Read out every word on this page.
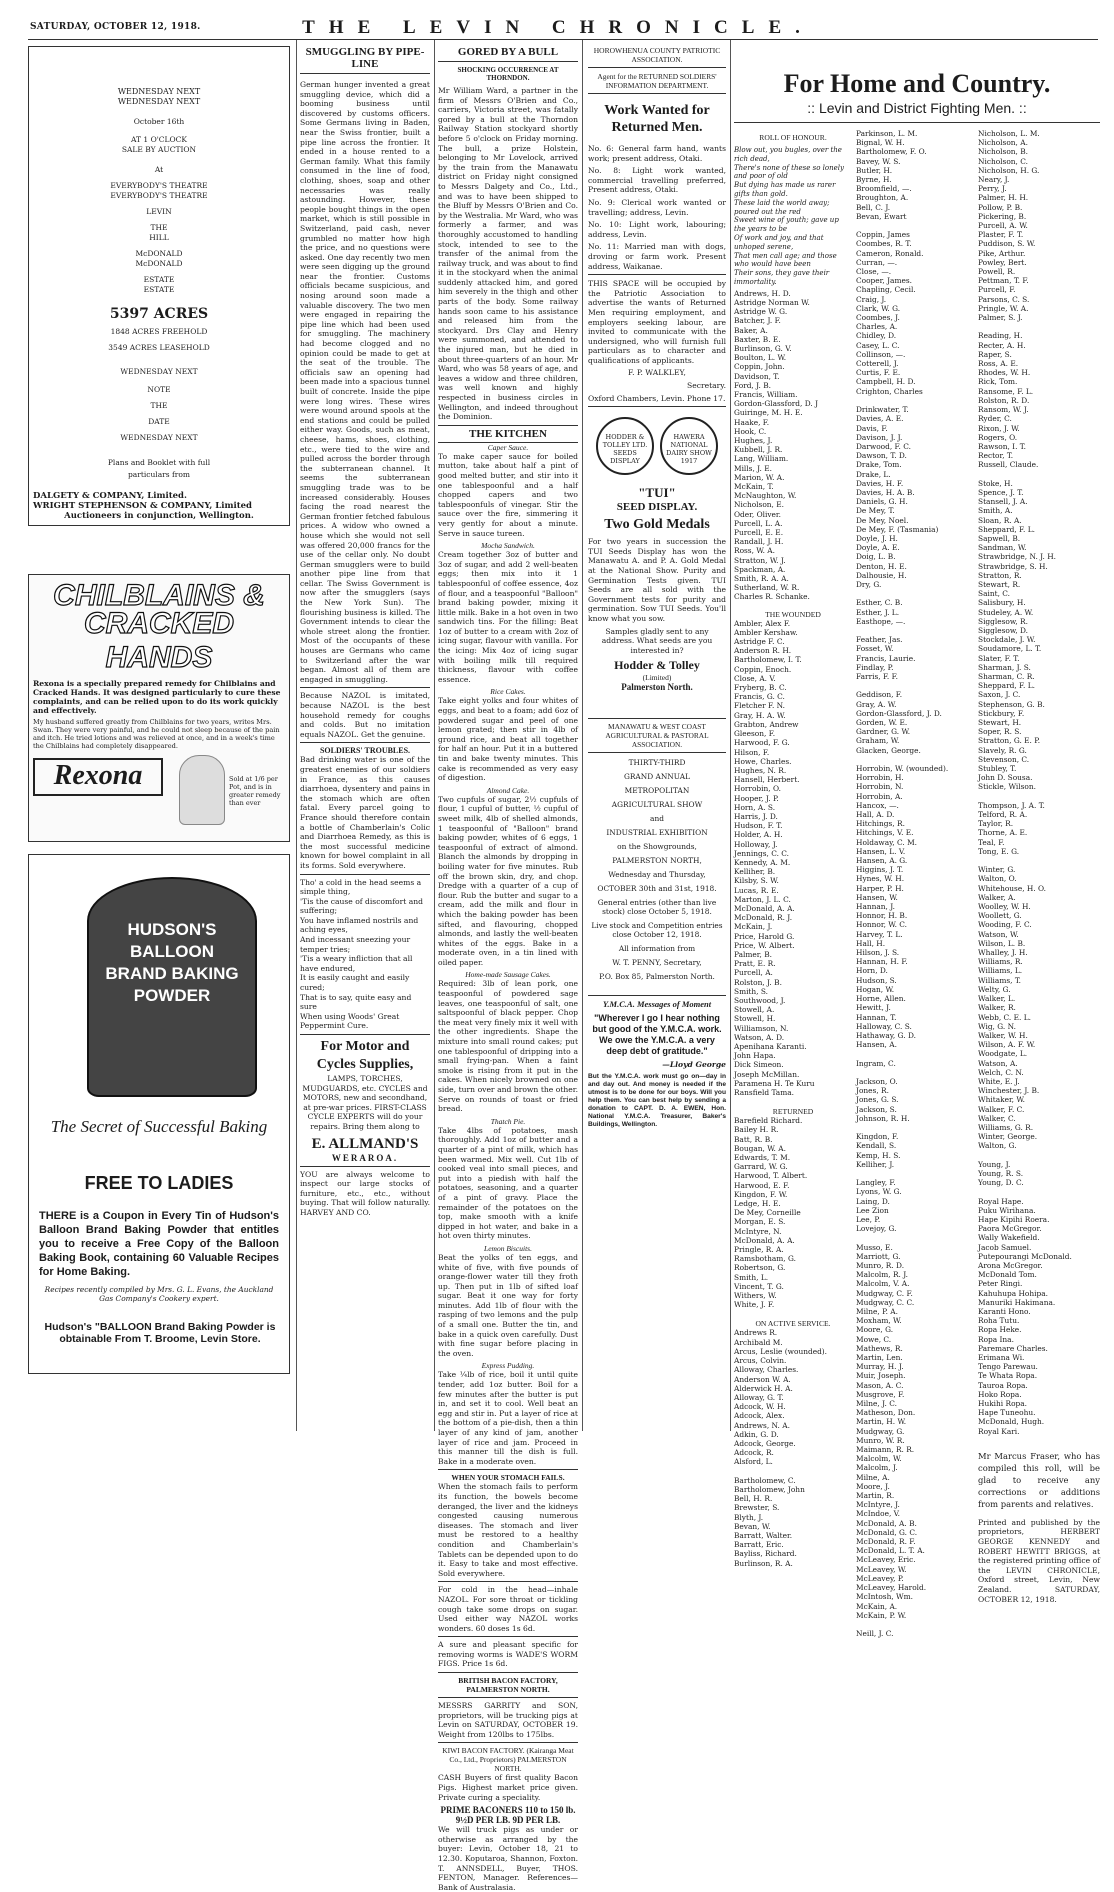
SATURDAY, OCTOBER 12, 1918.	THE LEVIN CHRONICLE.
WEDNESDAY NEXT
WEDNESDAY NEXT
October 16th
AT 1 O'CLOCK
SALE BY AUCTION
At
EVERYBODY'S THEATRE
EVERYBODY'S THEATRE
LEVIN
THE
HILL
McDONALD
McDONALD
ESTATE
ESTATE
5397 ACRES
1848 ACRES FREEHOLD
3549 ACRES LEASEHOLD
WEDNESDAY NEXT
NOTE
THE
DATE
WEDNESDAY NEXT
Plans and Booklet with full particulars from
DALGETY & COMPANY, Limited.
WRIGHT STEPHENSON & COMPANY, Limited
Auctioneers in conjunction, Wellington.
CHILBLAINS &
CRACKED HANDS
Rexona is a specially prepared remedy for Chilblains and Cracked Hands. It was designed particularly to cure these complaints, and can be relied upon to do its work quickly and effectively.
My husband suffered greatly from Chilblains for two years, writes Mrs. Swan. They were very painful, and he could not sleep because of the pain and itch. He tried lotions and was relieved at once, and in a week's time the Chilblains had completely disappeared.
Rexona	Sold at 1/6 per Pot, and is in greater remedy than ever
HUDSON'S BALLOON BRAND BAKING POWDER
The Secret of Successful Baking
FREE TO LADIES
THERE is a Coupon in Every Tin of Hudson's Balloon Brand Baking Powder that entitles you to receive a Free Copy of the Balloon Baking Book, containing 60 Valuable Recipes for Home Baking.
Recipes recently compiled by Mrs. G. L. Evans, the Auckland Gas Company's Cookery expert.
Hudson's "BALLOON Brand Baking Powder is obtainable From T. Broome, Levin Store.
SMUGGLING BY PIPE-LINE
German hunger invented a great smuggling device, which did a booming business until discovered by customs officers. Some Germans living in Baden, near the Swiss frontier, built a pipe line across the frontier. It ended in a house rented to a German family. What this family consumed in the line of food, clothing, shoes, soap and other necessaries was really astounding. However, these people bought things in the open market, which is still possible in Switzerland, paid cash, never grumbled no matter how high the price, and no questions were asked. One day recently two men were seen digging up the ground near the frontier. Customs officials became suspicious, and nosing around soon made a valuable discovery. The two men were engaged in repairing the pipe line which had been used for smuggling. The machinery had become clogged and no opinion could be made to get at the seat of the trouble. The officials saw an opening had been made into a spacious tunnel built of concrete. Inside the pipe were long wires. These wires were wound around spools at the end stations and could be pulled either way. Goods, such as meat, cheese, hams, shoes, clothing, etc., were tied to the wire and pulled across the border through the subterranean channel. It seems the subterranean smuggling trade was to be increased considerably. Houses facing the road nearest the German frontier fetched fabulous prices. A widow who owned a house which she would not sell was offered 20,000 francs for the use of the cellar only. No doubt German smugglers were to build another pipe line from that cellar. The Swiss Government is now after the smugglers (says the New York Sun). The flourishing business is killed. The Government intends to clear the whole street along the frontier. Most of the occupants of these houses are Germans who came to Switzerland after the war began. Almost all of them are engaged in smuggling.
Because NAZOL is imitated, because NAZOL is the best household remedy for coughs and colds. But no imitation equals NAZOL. Get the genuine.
SOLDIERS' TROUBLES.
Bad drinking water is one of the greatest enemies of our soldiers in France, as this causes diarrhoea, dysentery and pains in the stomach which are often fatal. Every parcel going to France should therefore contain a bottle of Chamberlain's Colic and Diarrhoea Remedy, as this is the most successful medicine known for bowel complaint in all its forms. Sold everywhere.
Tho' a cold in the head seems a simple thing,
'Tis the cause of discomfort and suffering;
You have inflamed nostrils and aching eyes,
And incessant sneezing your temper tries;
'Tis a weary infliction that all have endured,
It is easily caught and easily cured;
That is to say, quite easy and sure
When using Woods' Great Peppermint Cure.
For Motor and Cycles Supplies,
LAMPS, TORCHES, MUDGUARDS, etc. CYCLES and MOTORS, new and secondhand, at pre-war prices. FIRST-CLASS CYCLE EXPERTS will do your repairs. Bring them along to
E. ALLMAND'S
WERAROA.
YOU are always welcome to inspect our large stocks of furniture, etc., etc., without buying. That will follow naturally. HARVEY AND CO.
GORED BY A BULL
SHOCKING OCCURRENCE AT THORNDON.
Mr William Ward, a partner in the firm of Messrs O'Brien and Co., carriers, Victoria street, was fatally gored by a bull at the Thorndon Railway Station stockyard shortly before 5 o'clock on Friday morning. The bull, a prize Holstein, belonging to Mr Lovelock, arrived by the train from the Manawatu district on Friday night consigned to Messrs Dalgety and Co., Ltd., and was to have been shipped to the Bluff by Messrs O'Brien and Co. by the Westralia. Mr Ward, who was formerly a farmer, and was thoroughly accustomed to handling stock, intended to see to the transfer of the animal from the railway truck, and was about to find it in the stockyard when the animal suddenly attacked him, and gored him severely in the thigh and other parts of the body. Some railway hands soon came to his assistance and released him from the stockyard. Drs Clay and Henry were summoned, and attended to the injured man, but he died in about three-quarters of an hour. Mr Ward, who was 58 years of age, and leaves a widow and three children, was well known and highly respected in business circles in Wellington, and indeed throughout the Dominion.
THE KITCHEN
Caper Sauce.
To make caper sauce for boiled mutton, take about half a pint of good melted butter, and stir into it one tablespoonful and a half chopped capers and two tablespoonfuls of vinegar. Stir the sauce over the fire, simmering it very gently for about a minute. Serve in sauce tureen.
Mocha Sandwich.
Cream together 3oz of butter and 3oz of sugar, and add 2 well-beaten eggs; then mix into it 1 tablespoonful of coffee essence, 4oz of flour, and a teaspoonful "Balloon" brand baking powder, mixing it little milk. Bake in a hot oven in two sandwich tins. For the filling: Beat 1oz of butter to a cream with 2oz of icing sugar, flavour with vanilla. For the icing: Mix 4oz of icing sugar with boiling milk till required thickness, flavour with coffee essence.
Rice Cakes.
Take eight yolks and four whites of eggs, and beat to a foam; add 6oz of powdered sugar and peel of one lemon grated; then stir in 4lb of ground rice, and beat all together for half an hour. Put it in a buttered tin and bake twenty minutes. This cake is recommended as very easy of digestion.
Almond Cake.
Two cupfuls of sugar, 2½ cupfuls of flour, 1 cupful of butter, ½ cupful of sweet milk, 4lb of shelled almonds, 1 teaspoonful of "Balloon" brand baking powder, whites of 6 eggs, 1 teaspoonful of extract of almond. Blanch the almonds by dropping in boiling water for five minutes. Rub off the brown skin, dry, and chop. Dredge with a quarter of a cup of flour. Rub the butter and sugar to a cream, add the milk and flour in which the baking powder has been sifted, and flavouring, chopped almonds, and lastly the well-beaten whites of the eggs. Bake in a moderate oven, in a tin lined with oiled paper.
Home-made Sausage Cakes.
Required: 3lb of lean pork, one teaspoonful of powdered sage leaves, one teaspoonful of salt, one saltspoonful of black pepper. Chop the meat very finely mix it well with the other ingredients. Shape the mixture into small round cakes; put one tablespoonful of dripping into a small frying-pan. When a faint smoke is rising from it put in the cakes. When nicely browned on one side, turn over and brown the other. Serve on rounds of toast or fried bread.
Thatch Pie.
Take 4lbs of potatoes, mash thoroughly. Add 1oz of butter and a quarter of a pint of milk, which has been warmed. Mix well. Cut 1lb of cooked veal into small pieces, and put into a piedish with half the potatoes, seasoning, and a quarter of a pint of gravy. Place the remainder of the potatoes on the top, make smooth with a knife dipped in hot water, and bake in a hot oven thirty minutes.
Lemon Biscuits.
Beat the yolks of ten eggs, and white of five, with five pounds of orange-flower water till they froth up. Then put in 1lb of sifted loaf sugar. Beat it one way for forty minutes. Add 1lb of flour with the rasping of two lemons and the pulp of a small one. Butter the tin, and bake in a quick oven carefully. Dust with fine sugar before placing in the oven.
Express Pudding.
Take ¼lb of rice, boil it until quite tender, add 1oz butter. Boil for a few minutes after the butter is put in, and set it to cool. Well beat an egg and stir in. Put a layer of rice at the bottom of a pie-dish, then a thin layer of any kind of jam, another layer of rice and jam. Proceed in this manner till the dish is full. Bake in a moderate oven.
WHEN YOUR STOMACH FAILS.
When the stomach fails to perform its function, the bowels become deranged, the liver and the kidneys congested causing numerous diseases. The stomach and liver must be restored to a healthy condition and Chamberlain's Tablets can be depended upon to do it. Easy to take and most effective. Sold everywhere.
For cold in the head—inhale NAZOL. For sore throat or tickling cough take some drops on sugar. Used either way NAZOL works wonders. 60 doses 1s 6d.
A sure and pleasant specific for removing worms is WADE'S WORM FIGS. Price 1s 6d.
BRITISH BACON FACTORY, PALMERSTON NORTH.
MESSRS GARRITY and SON, proprietors, will be trucking pigs at Levin on SATURDAY, OCTOBER 19. Weight from 120lbs to 175lbs.
KIWI BACON FACTORY. (Kairanga Meat Co., Ltd., Proprietors) PALMERSTON NORTH.
CASH Buyers of first quality Bacon Pigs. Highest market price given. Private curing a speciality.
PRIME BACONERS 110 to 150 lb. 9½D PER LB. 9D PER LB.
We will truck pigs as under or otherwise as arranged by the buyer: Levin, October 18, 21 to 12.30. Koputaroa, Shannon, Foxton. T. ANNSDELL, Buyer, THOS. FENTON, Manager. References—Bank of Australasia.
HOROWHENUA COUNTY PATRIOTIC ASSOCIATION.
Agent for the RETURNED SOLDIERS' INFORMATION DEPARTMENT.
Work Wanted for Returned Men.
No. 6: General farm hand, wants work; present address, Otaki.
No. 8: Light work wanted, commercial travelling preferred, Present address, Otaki.
No. 9: Clerical work wanted or travelling; address, Levin.
No. 10: Light work, labouring; address, Levin.
No. 11: Married man with dogs, droving or farm work. Present address, Waikanae.
THIS SPACE will be occupied by the Patriotic Association to advertise the wants of Returned Men requiring employment, and employers seeking labour, are invited to communicate with the undersigned, who will furnish full particulars as to character and qualifications of applicants.
F. P. WALKLEY,
Secretary.
Oxford Chambers, Levin. Phone 17.
HODDER & TOLLEY LTD. SEEDS DISPLAY
HAWERA NATIONAL DAIRY SHOW 1917
"TUI"
SEED DISPLAY.
Two Gold Medals
For two years in succession the TUI Seeds Display has won the Manawatu A. and P. A. Gold Medal at the National Show. Purity and Germination Tests given. TUI Seeds are all sold with the Government tests for purity and germination. Sow TUI Seeds. You'll know what you sow.
Samples gladly sent to any address. What seeds are you interested in?
Hodder & Tolley
(Limited)
Palmerston North.
MANAWATU & WEST COAST AGRICULTURAL & PASTORAL ASSOCIATION.
THIRTY-THIRD
GRAND ANNUAL
METROPOLITAN
AGRICULTURAL SHOW
and
INDUSTRIAL EXHIBITION
on the Showgrounds,
PALMERSTON NORTH,
Wednesday and Thursday,
OCTOBER 30th and 31st, 1918.
General entries (other than live stock) close October 5, 1918.
Live stock and Competition entries close October 12, 1918.
All information from
W. T. PENNY, Secretary,
P.O. Box 85, Palmerston North.
Y.M.C.A. Messages of Moment
"Wherever I go I hear nothing but good of the Y.M.C.A. work. We owe the Y.M.C.A. a very deep debt of gratitude."
—Lloyd George
But the Y.M.C.A. work must go on—day in and day out. And money is needed if the utmost is to be done for our boys. Will you help them. You can best help by sending a donation to CAPT. D. A. EWEN, Hon. National Y.M.C.A. Treasurer, Baker's Buildings, Wellington.
For Home and Country.
:: Levin and District Fighting Men. ::
ROLL OF HONOUR.
Blow out, you bugles, over the rich dead,
There's none of these so lonely and poor of old
But dying has made us rarer gifts than gold.
These laid the world away; poured out the red
Sweet wine of youth; gave up the years to be
Of work and joy, and that unhoped serene,
That men call age; and those who would have been
Their sons, they gave their immortality.
Andrews, H. D.
Astridge Norman W.
Astridge W. G.
Batcher, J. F.
Baker, A.
Baxter, B. E.
Burlinson, G. V.
Boulton, L. W.
Coppin, John.
Davidson, T.
Ford, J. B.
Francis, William.
Gordon-Glassford, D. J
Guiringe, M. H. E.
Haake, F.
Hook, C.
Hughes, J.
Kubbell, J. R.
Lang, William.
Mills, J. E.
Marion, W. A.
McKain, T.
McNaughton, W.
Nicholson, E.
Oder, Oliver.
Purcell, L. A.
Purcell, E. E.
Randall, J. H.
Ross, W. A.
Stratton, W. J.
Spackman, A.
Smith, R. A. A.
Sutherland, W. R.
Charles R. Schanke.
THE WOUNDED
Ambler, Alex F.
Ambler Kershaw.
Astridge F. C.
Anderson R. H.
Bartholomew, I. T.
Coppin, Enoch.
Close, A. V.
Fryberg, B. C.
Francis, G. C.
Fletcher F. N.
Gray, H. A. W.
Grabton, Andrew
Gleeson, F.
Harwood, F. G.
Hilson, F.
Howe, Charles.
Hughes, N. R.
Hansell, Herbert.
Horrobin, O.
Hooper, J. P.
Horn, A. S.
Harris, J. D.
Hudson, F. T.
Holder, A. H.
Holloway, J.
Jennings, C. C.
Kennedy, A. M.
Kelliher, B.
Kilsby, S. W.
Lucas, R. E.
Marton, J. L. C.
McDonald, A. A.
McDonald, R. J.
McKain, J.
Price, Harold G.
Price, W. Albert.
Palmer, B.
Pratt, E. R.
Purcell, A.
Rolston, J. B.
Smith, S.
Southwood, J.
Stowell, A.
Stowell, H.
Williamson, N.
Watson, A. D.
Apenihana Karanti.
John Hapa.
Dick Simeon.
Joseph McMillan.
Paramena H. Te Kuru
Ransfield Tama.
RETURNED
Barefield Richard.
Bailey H. R.
Batt, R. B.
Bougan, W. A.
Edwards, T. M.
Garrard, W. G.
Harwood, T. Albert.
Harwood, E. F.
Kingdon, F. W.
Ledge, H. E.
De Mey, Corneille
Morgan, E. S.
McIntyre, N.
McDonald, A. A.
Pringle, R. A.
Ramsbotham, G.
Robertson, G.
Smith, L.
Vincent, T. G.
Withers, W.
White, J. F.
ON ACTIVE SERVICE.
Andrews R.
Archibald M.
Arcus, Leslie (wounded).
Arcus, Colvin.
Alloway, Charles.
Anderson W. A.
Alderwick H. A.
Alloway, G. T.
Adcock, W. H.
Adcock, Alex.
Andrews, N. A.
Adkin, G. D.
Adcock, George.
Adcock, R.
Alsford, L.

Bartholomew, C.
Bartholomew, John
Bell, H. R.
Brewster, S.
Blyth, J.
Bevan, W.
Barratt, Walter.
Barratt, Eric.
Bayliss, Richard.
Burlinson, R. A.
Parkinson, L. M.
Bignal, W. H.
Bartholomew, F. O.
Bavey, W. S.
Butler, H.
Byrne, H.
Broomfield, —.
Broughton, A.
Bell, C. J.
Bevan, Ewart

Coppin, James
Coombes, R. T.
Cameron, Ronald.
Curran, —.
Close, —.
Cooper, James.
Chapling, Cecil.
Craig, J.
Clark, W. G.
Coombes, J.
Charles, A.
Chidley, D.
Casey, L. C.
Collinson, —.
Cotterell, J.
Curtis, F. E.
Campbell, H. D.
Crighton, Charles

Drinkwater, T.
Davies, A. E.
Davis, F.
Davison, J. J.
Darwood, F. C.
Dawson, T. D.
Drake, Tom.
Drake, L.
Davies, H. F.
Davies, H. A. B.
Daniels, G. H.
De Mey, T.
De Mey, Noel.
De Mey, F. (Tasmania)
Doyle, J. H.
Doyle, A. E.
Doig, L. B.
Denton, H. E.
Dalhousie, H.
Dry, G.

Esther, C. B.
Esther, J. L.
Easthope, —.

Feather, Jas.
Fosset, W.
Francis, Laurie.
Findlay, P.
Farris, F. F.

Geddison, F.
Gray, A. W.
Gordon-Glassford, J. D.
Gorden, W. E.
Gardner, G. W.
Graham, W.
Glacken, George.

Horrobin, W. (wounded).
Horrobin, H.
Horrobin, N.
Horrobin, A.
Hancox, —.
Hall, A. D.
Hitchings, R.
Hitchings, V. E.
Holdaway, C. M.
Hansen, L. V.
Hansen, A. G.
Higgins, J. T.
Hynes, W. H.
Harper, P. H.
Hansen, W.
Hannan, J.
Honnor, H. B.
Honnor, W. C.
Harvey, T. L.
Hall, H.
Hilson, J. S.
Hannan, H. F.
Horn, D.
Hudson, S.
Hogan, W.
Horne, Allen.
Hewitt, J.
Hannan, T.
Halloway, C. S.
Hathaway, G. D.
Hansen, A.

Ingram, C.

Jackson, O.
Jones, R.
Jones, G. S.
Jackson, S.
Johnson, R. H.

Kingdon, F.
Kendall, S.
Kemp, H. S.
Kelliher, J.

Langley, F.
Lyons, W. G.
Laing, D.
Lee Zion
Lee, P.
Lovejoy, G.

Musso, E.
Marriott, G.
Munro, R. D.
Malcolm, R. J.
Malcolm, V. A.
Mudgway, C. F.
Mudgway, C. C.
Milne, P. A.
Moxham, W.
Moore, G.
Mowe, C.
Mathews, R.
Martin, Len.
Murray, H. J.
Muir, Joseph.
Mason, A. C.
Musgrove, F.
Milne, J. C.
Matheson, Don.
Martin, H. W.
Mudgway, G.
Munro, W. R.
Maimann, R. R.
Malcolm, W.
Malcolm, J.
Milne, A.
Moore, J.
Martin, R.
McIntyre, J.
McIndoe, V.
McDonald, A. B.
McDonald, G. C.
McDonald, R. F.
McDonald, L. T. A.
McLeavey, Eric.
McLeavey, W.
McLeavey, P.
McLeavey, Harold.
McIntosh, Wm.
McKain, A.
McKain, P. W.

Neill, J. C.
Nicholson, L. M.
Nicholson, A.
Nicholson, B.
Nicholson, C.
Nicholson, H. G.
Neary, J.
Perry, J.
Palmer, H. H.
Pollow, P. B.
Pickering, B.
Purcell, A. W.
Plaster, F. T.
Puddison, S. W.
Pike, Arthur.
Powley, Bert.
Powell, R.
Pettman, T. F.
Purcell, F.
Parsons, C. S.
Pringle, W. A.
Palmer, S. J.

Reading, H.
Recter, A. H.
Raper, S.
Ross, A. E.
Rhodes, W. H.
Rick, Tom.
Ransome, F. L.
Rolston, R. D.
Ransom, W. J.
Ryder, C.
Rixon, J. W.
Rogers, O.
Rawson, I. T.
Rector, T.
Russell, Claude.

Stoke, H.
Spence, J. T.
Stansell, J. A.
Smith, A.
Sloan, R. A.
Sheppard, F. L.
Sapwell, B.
Sandman, W.
Strawbridge, N. J. H.
Strawbridge, S. H.
Stratton, R.
Stewart, R.
Saint, C.
Salisbury, H.
Studeley, A. W.
Sigglesow, R.
Sigglesow, D.
Stockdale, J. W.
Soudamore, L. T.
Slater, F. T.
Sharman, J. S.
Sharman, C. R.
Sheppard, F. L.
Saxon, J. C.
Stephenson, G. B.
Stickbury, F.
Stewart, H.
Soper, R. S.
Stratton, G. E. P.
Slavely, R. G.
Stevenson, C.
Stubley, T.
John D. Sousa.
Stickle, Wilson.

Thompson, J. A. T.
Telford, R. A.
Taylor, R.
Thorne, A. E.
Teal, F.
Tong, E. G.

Winter, G.
Walton, O.
Whitehouse, H. O.
Walker, A.
Woolley, W. H.
Woollett, G.
Wooding, F. C.
Watson, W.
Wilson, L. B.
Whalley, J. H.
Williams, R.
Williams, L.
Williams, T.
Welty, G.
Walker, L.
Walker, R.
Webb, C. E. L.
Wig, G. N.
Walker, W. H.
Wilson, A. F. W.
Woodgate, L.
Watson, A.
Welch, C. N.
White, E. J.
Winchester, J. B.
Whitaker, W.
Walker, F. C.
Walker, C.
Williams, G. R.
Winter, George.
Walton, G.

Young, J.
Young, R. S.
Young, D. C.

Royal Hape.
Puku Wirihana.
Hape Kipihi Roera.
Paora McGregor.
Wally Wakefield.
Jacob Samuel.
Putepourangi McDonald.
Arona McGregor.
McDonald Tom.
Peter Ringi.
Kahuhupa Hohipa.
Manuriki Hakimana.
Karanti Hono.
Roha Tutu.
Ropa Heke.
Ropa Ina.
Paremare Charles.
Erimana Wi.
Tengo Parewau.
Te Whata Ropa.
Tauroa Ropa.
Hoko Ropa.
Hukihi Ropa.
Hape Tuneohu.
McDonald, Hugh.
Royal Kari.
Mr Marcus Fraser, who has compiled this roll, will be glad to receive any corrections or additions from parents and relatives.
Printed and published by the proprietors, HERBERT GEORGE KENNEDY and ROBERT HEWITT BRIGGS, at the registered printing office of the LEVIN CHRONICLE, Oxford street, Levin, New Zealand. SATURDAY, OCTOBER 12, 1918.
